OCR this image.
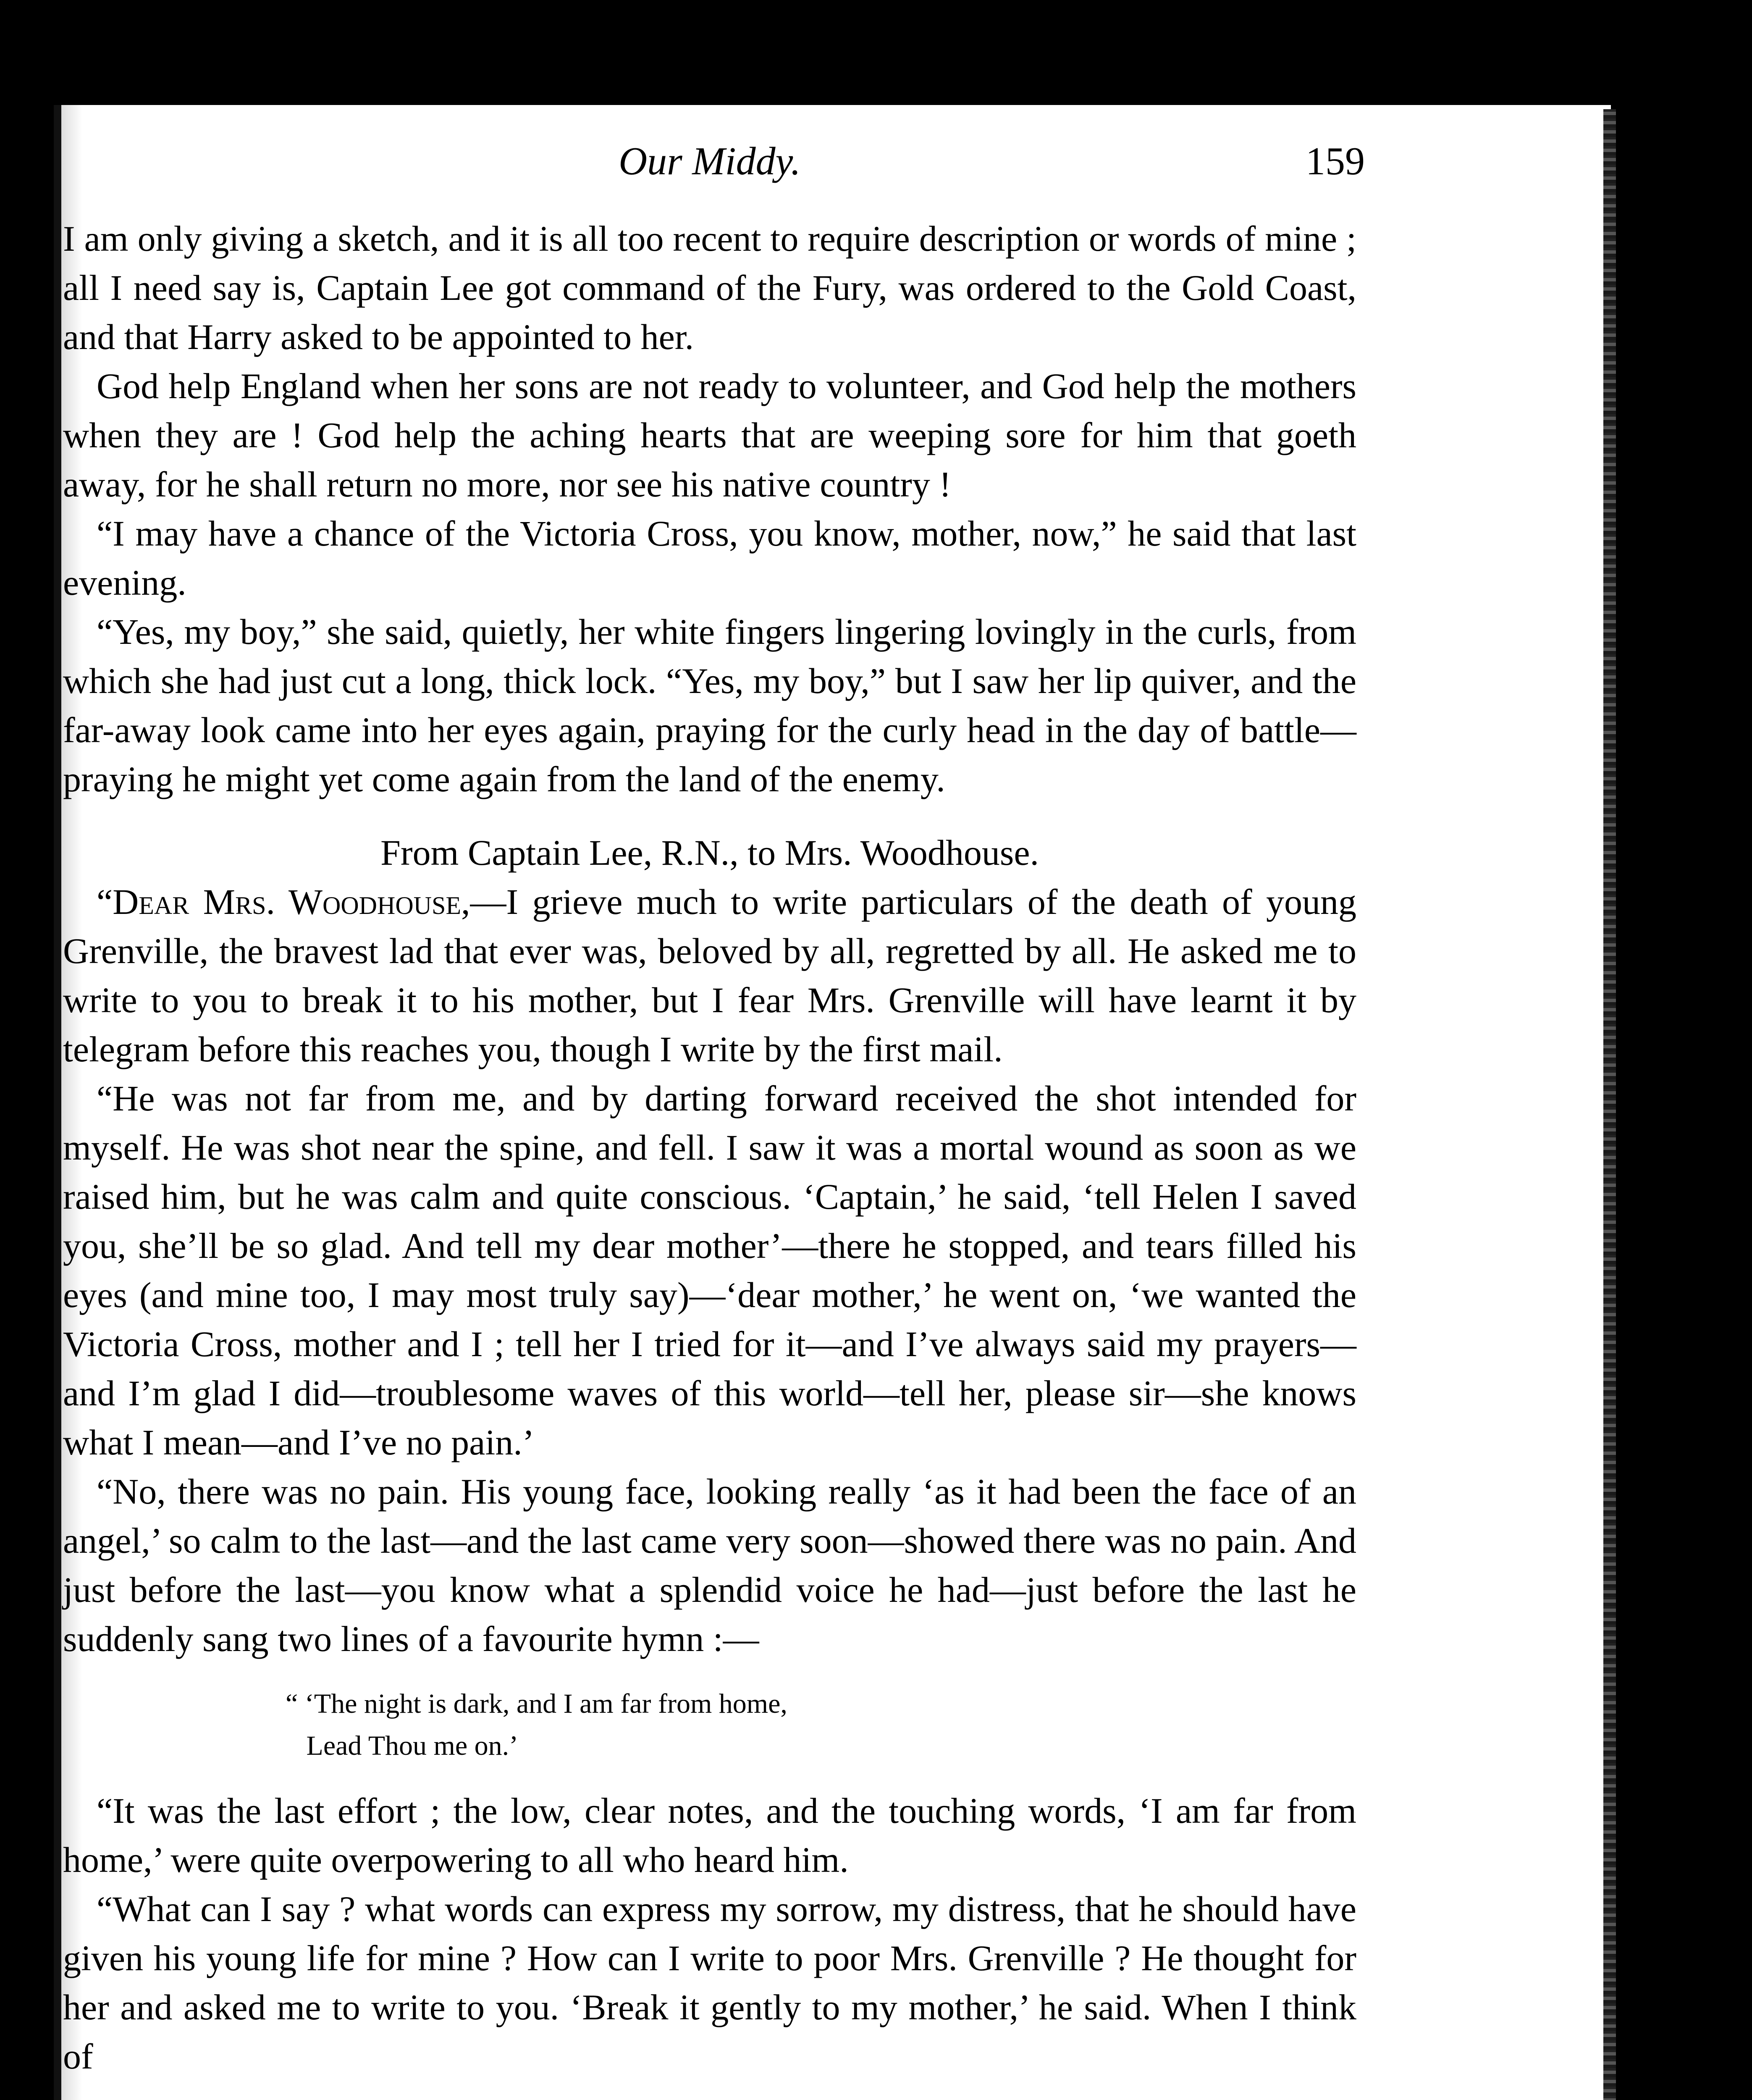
Our Middy.	159

I am only giving a sketch, and it is all too recent to require description or words of mine ; all I need say is, Captain Lee got command of the Fury, was ordered to the Gold Coast, and that Harry asked to be appointed to her.

God help England when her sons are not ready to volunteer, and God help the mothers when they are ! God help the aching hearts that are weeping sore for him that goeth away, for he shall return no more, nor see his native country !

“I may have a chance of the Victoria Cross, you know, mother, now,” he said that last evening.

“Yes, my boy,” she said, quietly, her white fingers lingering lovingly in the curls, from which she had just cut a long, thick lock. “Yes, my boy,” but I saw her lip quiver, and the far-away look came into her eyes again, praying for the curly head in the day of battle—praying he might yet come again from the land of the enemy.

From Captain Lee, R.N., to Mrs. Woodhouse.

“Dear Mrs. Woodhouse,—I grieve much to write particulars of the death of young Grenville, the bravest lad that ever was, beloved by all, regretted by all. He asked me to write to you to break it to his mother, but I fear Mrs. Grenville will have learnt it by telegram before this reaches you, though I write by the first mail.

“He was not far from me, and by darting forward received the shot intended for myself. He was shot near the spine, and fell. I saw it was a mortal wound as soon as we raised him, but he was calm and quite conscious. ‘Captain,’ he said, ‘tell Helen I saved you, she’ll be so glad. And tell my dear mother’—there he stopped, and tears filled his eyes (and mine too, I may most truly say)—‘dear mother,’ he went on, ‘we wanted the Victoria Cross, mother and I ; tell her I tried for it—and I’ve always said my prayers—and I’m glad I did—troublesome waves of this world—tell her, please sir—she knows what I mean—and I’ve no pain.’

“No, there was no pain. His young face, looking really ‘as it had been the face of an angel,’ so calm to the last—and the last came very soon—showed there was no pain. And just before the last—you know what a splendid voice he had—just before the last he suddenly sang two lines of a favourite hymn :—

“ ‘The night is dark, and I am far from home,
Lead Thou me on.’

“It was the last effort ; the low, clear notes, and the touching words, ‘I am far from home,’ were quite overpowering to all who heard him.

“What can I say ? what words can express my sorrow, my distress, that he should have given his young life for mine ? How can I write to poor Mrs. Grenville ? He thought for her and asked me to write to you. ‘Break it gently to my mother,’ he said. When I think of
